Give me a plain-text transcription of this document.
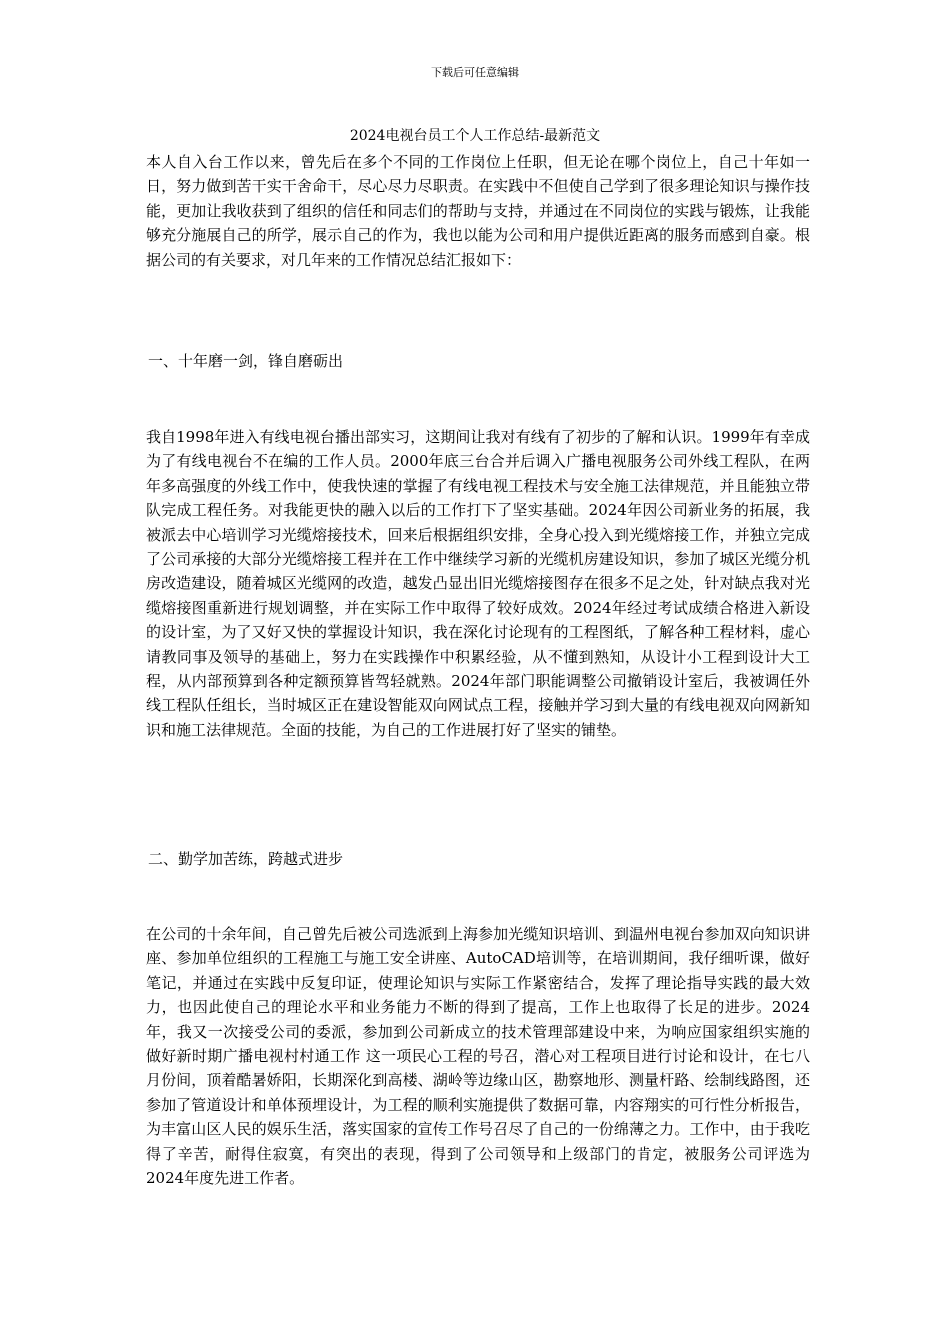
下载后可任意编辑
2024电视台员工个人工作总结-最新范文

本人自入台工作以来，曾先后在多个不同的工作岗位上任职，但无论在哪个岗位上，自己十年如一日，努力做到苦干实干舍命干，尽心尽力尽职责。在实践中不但使自己学到了很多理论知识与操作技能，更加让我收获到了组织的信任和同志们的帮助与支持，并通过在不同岗位的实践与锻炼，让我能够充分施展自己的所学，展示自己的作为，我也以能为公司和用户提供近距离的服务而感到自豪。根据公司的有关要求，对几年来的工作情况总结汇报如下：

一、十年磨一剑，锋自磨砺出

我自1998年进入有线电视台播出部实习，这期间让我对有线有了初步的了解和认识。1999年有幸成为了有线电视台不在编的工作人员。2000年底三台合并后调入广播电视服务公司外线工程队，在两年多高强度的外线工作中，使我快速的掌握了有线电视工程技术与安全施工法律规范，并且能独立带队完成工程任务。对我能更快的融入以后的工作打下了坚实基础。2024年因公司新业务的拓展，我被派去中心培训学习光缆熔接技术，回来后根据组织安排，全身心投入到光缆熔接工作，并独立完成了公司承接的大部分光缆熔接工程并在工作中继续学习新的光缆机房建设知识，参加了城区光缆分机房改造建设，随着城区光缆网的改造，越发凸显出旧光缆熔接图存在很多不足之处，针对缺点我对光缆熔接图重新进行规划调整，并在实际工作中取得了较好成效。2024年经过考试成绩合格进入新设的设计室，为了又好又快的掌握设计知识，我在深化讨论现有的工程图纸，了解各种工程材料，虚心请教同事及领导的基础上，努力在实践操作中积累经验，从不懂到熟知，从设计小工程到设计大工程，从内部预算到各种定额预算皆驾轻就熟。2024年部门职能调整公司撤销设计室后，我被调任外线工程队任组长，当时城区正在建设智能双向网试点工程，接触并学习到大量的有线电视双向网新知识和施工法律规范。全面的技能，为自己的工作进展打好了坚实的铺垫。

二、勤学加苦练，跨越式进步

在公司的十余年间，自己曾先后被公司选派到上海参加光缆知识培训、到温州电视台参加双向知识讲座、参加单位组织的工程施工与施工安全讲座、AutoCAD培训等，在培训期间，我仔细听课，做好笔记，并通过在实践中反复印证，使理论知识与实际工作紧密结合，发挥了理论指导实践的最大效力，也因此使自己的理论水平和业务能力不断的得到了提高，工作上也取得了长足的进步。2024年，我又一次接受公司的委派，参加到公司新成立的技术管理部建设中来，为响应国家组织实施的 做好新时期广播电视村村通工作 这一项民心工程的号召，潜心对工程项目进行讨论和设计，在七八月份间，顶着酷暑娇阳，长期深化到高楼、湖岭等边缘山区，勘察地形、测量杆路、绘制线路图，还参加了管道设计和单体预埋设计，为工程的顺利实施提供了数据可靠，内容翔实的可行性分析报告，为丰富山区人民的娱乐生活，落实国家的宣传工作号召尽了自己的一份绵薄之力。工作中，由于我吃得了辛苦，耐得住寂寞，有突出的表现，得到了公司领导和上级部门的肯定，被服务公司评选为2024年度先进工作者。
